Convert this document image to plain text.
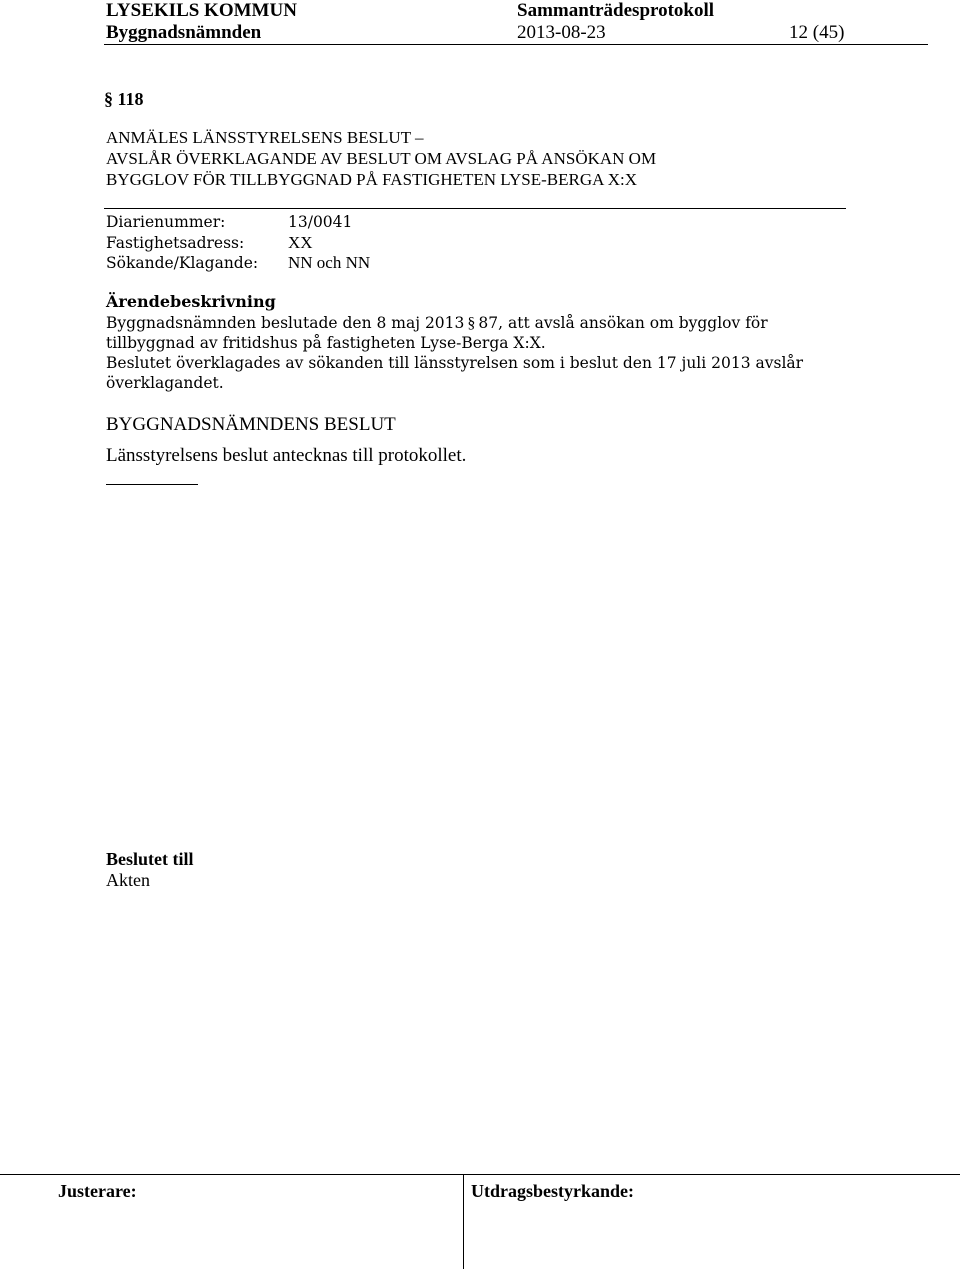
LYSEKILS KOMMUN	Sammanträdesprotokoll
Byggnadsnämnden	2013-08-23	12 (45)
§ 118
ANMÄLES LÄNSSTYRELSENS BESLUT –
AVSLÅR ÖVERKLAGANDE AV BESLUT OM AVSLAG PÅ ANSÖKAN OM
BYGGLOV FÖR TILLBYGGNAD PÅ FASTIGHETEN LYSE-BERGA X:X
Diarienummer:	13/0041
Fastighetsadress:	XX
Sökande/Klagande: NN och NN
Ärendebeskrivning
Byggnadsnämnden beslutade den 8 maj 2013 § 87, att avslå ansökan om bygglov för
tillbyggnad av fritidshus på fastigheten Lyse-Berga X:X.
Beslutet överklagades av sökanden till länsstyrelsen som i beslut den 17 juli 2013 avslår
överklagandet.
BYGGNADSNÄMNDENS BESLUT
Länsstyrelsens beslut antecknas till protokollet.
Beslutet till
Akten
Justerare:	Utdragsbestyrkande:
